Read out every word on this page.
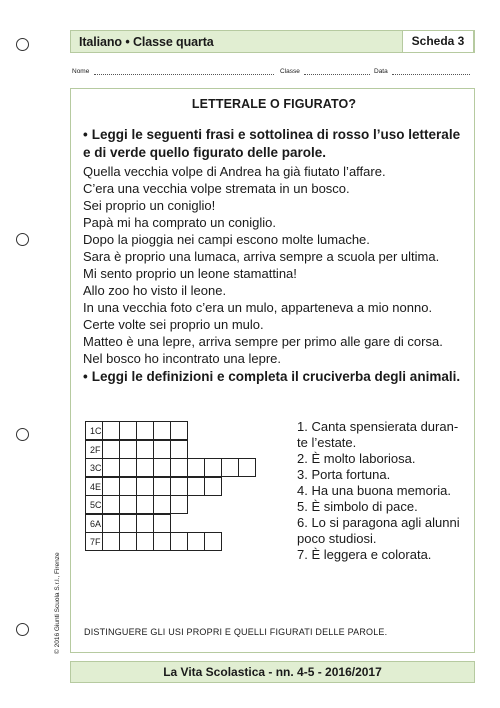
Italiano • Classe quarta	Scheda 3
Nome	Classe	Data
LETTERALE O FIGURATO?
• Leggi le seguenti frasi e sottolinea di rosso l’uso letterale e di verde quello figurato delle parole.
Quella vecchia volpe di Andrea ha già fiutato l’affare.
C’era una vecchia volpe stremata in un bosco.
Sei proprio un coniglio!
Papà mi ha comprato un coniglio.
Dopo la pioggia nei campi escono molte lumache.
Sara è proprio una lumaca, arriva sempre a scuola per ultima.
Mi sento proprio un leone stamattina!
Allo zoo ho visto il leone.
In una vecchia foto c’era un mulo, apparteneva a mio nonno.
Certe volte sei proprio un mulo.
Matteo è una lepre, arriva sempre per primo alle gare di corsa.
Nel bosco ho incontrato una lepre.
• Leggi le definizioni e completa il cruciverba degli animali.
1C
2F
3C
4E
5C
6A
7F
1. Canta spensierata duran-
te l’estate.
2. È molto laboriosa.
3. Porta fortuna.
4. Ha una buona memoria.
5. È simbolo di pace.
6. Lo si paragona agli alunni
poco studiosi.
7. È leggera e colorata.
DISTINGUERE GLI USI PROPRI E QUELLI FIGURATI DELLE PAROLE.
© 2016 Giunti Scuola S.r.l., Firenze
La Vita Scolastica - nn. 4-5 - 2016/2017
